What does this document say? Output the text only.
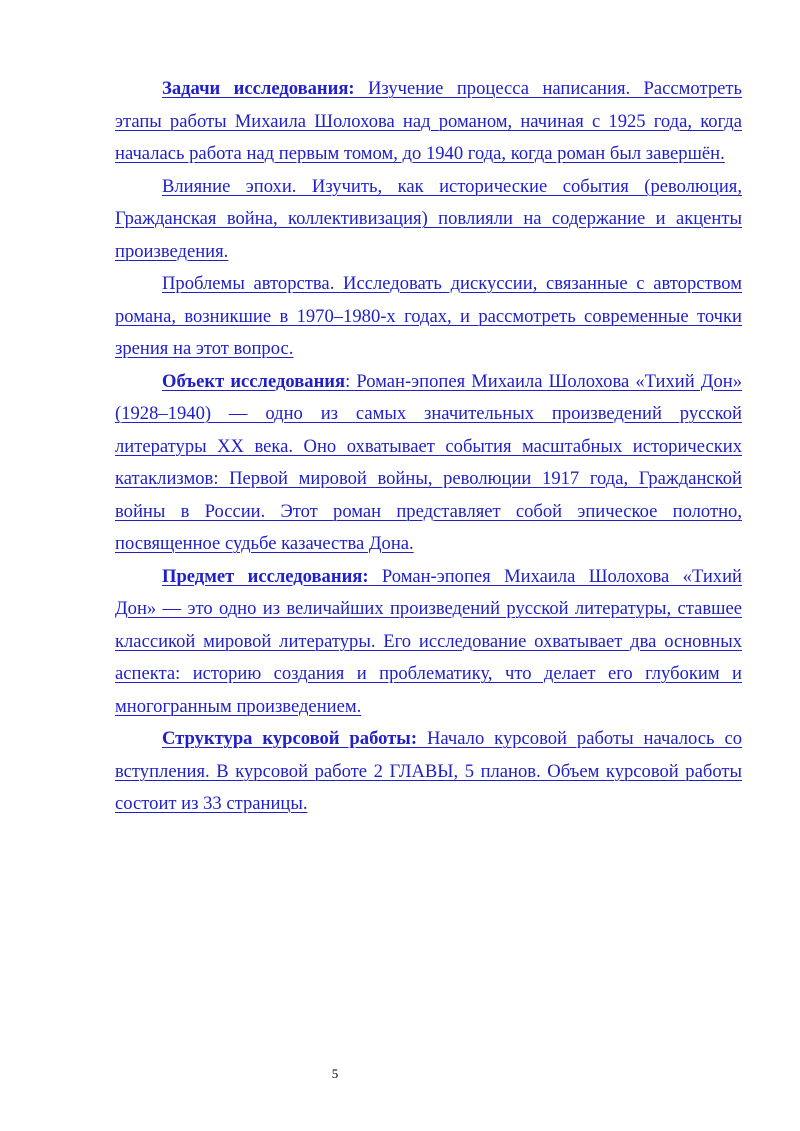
Задачи исследования: Изучение процесса написания. Рассмотреть этапы работы Михаила Шолохова над романом, начиная с 1925 года, когда началась работа над первым томом, до 1940 года, когда роман был завершён.

Влияние эпохи. Изучить, как исторические события (революция, Гражданская война, коллективизация) повлияли на содержание и акценты произведения.

Проблемы авторства. Исследовать дискуссии, связанные с авторством романа, возникшие в 1970–1980-х годах, и рассмотреть современные точки зрения на этот вопрос.

Объект исследования: Роман-эпопея Михаила Шолохова «Тихий Дон» (1928–1940) — одно из самых значительных произведений русской литературы XX века. Оно охватывает события масштабных исторических катаклизмов: Первой мировой войны, революции 1917 года, Гражданской войны в России. Этот роман представляет собой эпическое полотно, посвященное судьбе казачества Дона.

Предмет исследования: Роман-эпопея Михаила Шолохова «Тихий Дон» — это одно из величайших произведений русской литературы, ставшее классикой мировой литературы. Его исследование охватывает два основных аспекта: историю создания и проблематику, что делает его глубоким и многогранным произведением.

Структура курсовой работы: Начало курсовой работы началось со вступления. В курсовой работе 2 ГЛАВЫ, 5 планов. Объем курсовой работы состоит из 33 страницы.

5
